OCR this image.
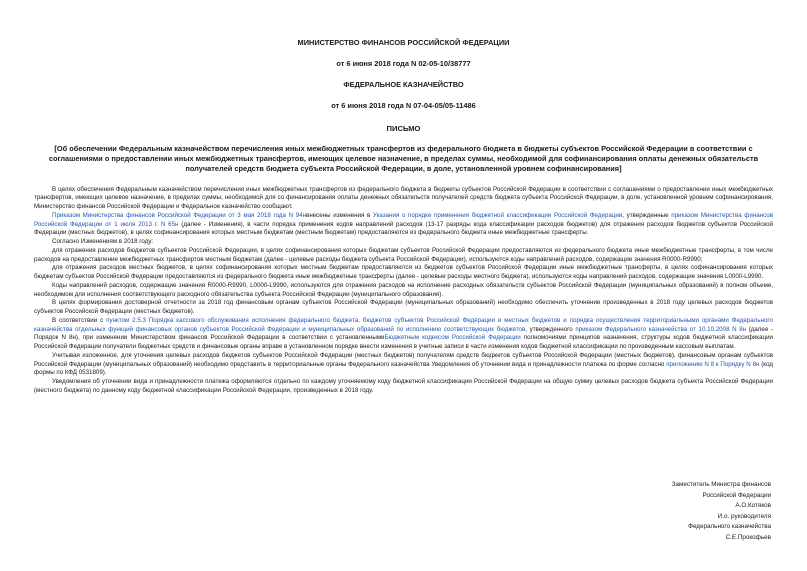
МИНИСТЕРСТВО ФИНАНСОВ РОССИЙСКОЙ ФЕДЕРАЦИИ
от 6 июня 2018 года N 02-05-10/38777
ФЕДЕРАЛЬНОЕ КАЗНАЧЕЙСТВО
от 6 июня 2018 года N 07-04-05/05-11486
ПИСЬМО
[Об обеспечении Федеральным казначейством перечисления иных межбюджетных трансфертов из федерального бюджета в бюджеты субъектов Российской Федерации в соответствии с соглашениями о предоставлении иных межбюджетных трансфертов, имеющих целевое назначение, в пределах суммы, необходимой для софинансирования оплаты денежных обязательств получателей средств бюджета субъекта Российской Федерации, в доле, установленной уровнем софинансирования]

В целях обеспечения Федеральным казначейством перечисления иных межбюджетных трансфертов из федерального бюджета в бюджеты субъектов Российской Федерации в соответствии с соглашениями о предоставлении иных межбюджетных трансфертов, имеющих целевое назначение, в пределах суммы, необходимой для со финансирования оплаты денежных обязательств получателей средств бюджета субъекта Российской Федерации, в доле, установленной уровнем софинансирования, Министерство финансов Российской Федерации и Федеральное казначейство сообщают.

Приказом Министерства финансов Российской Федерации от 3 мая 2018 года N 94нвнесены изменения в Указания о порядке применения бюджетной классификации Российской Федерации, утвержденные приказом Министерства финансов Российской Федерации от 1 июля 2013 г. N 65н (далее - Изменения), в части порядка применения кодов направлений расходов (13-17 разряды кода классификации расходов бюджетов) для отражения расходов бюджетов субъектов Российской Федерации (местных бюджетов), в целях софинансирования которых местным бюджетам (местным бюджетам) предоставляются из федерального бюджета иные межбюджетные трансферты.

Согласно Изменениям в 2018 году:

для отражения расходов бюджетов субъектов Российской Федерации, в целях софинансирования которых бюджетам субъектов Российской Федерации предоставляются из федерального бюджета иные межбюджетные трансферты, в том числе расходов на предоставление межбюджетных трансфертов местным бюджетам (далее - целевые расходы бюджета субъекта Российской Федерации), используются коды направлений расходов, содержащие значения R0000-R9990;

для отражения расходов местных бюджетов, в целях софинансирования которых местным бюджетам предоставляются из бюджетов субъектов Российской Федерации иные межбюджетные трансферты, в целях софинансирования которых бюджетам субъектов Российской Федерации предоставляются из федерального бюджета иные межбюджетные трансферты (далее - целевые расходы местного бюджета), используются коды направлений расходов, содержащие значения L0000-L9990.

Коды направлений расходов, содержащие значения R0000-R9990, L0000-L9990, используются для отражения расходов на исполнение расходных обязательств субъектов Российской Федерации (муниципальных образований) в полном объеме, необходимом для исполнения соответствующего расходного обязательства субъекта Российской Федерации (муниципального образования).

В целях формирования достоверной отчетности за 2018 год финансовым органам субъектов Российской Федерации (муниципальных образований) необходимо обеспечить уточнение произведенных в 2018 году целевых расходов бюджетов субъектов Российской Федерации (местных бюджетов).

В соответствии с пунктом 2.5.3 Порядка кассового обслуживания исполнения федерального бюджета, бюджетов субъектов Российской Федерации и местных бюджетов и порядка осуществления территориальными органами Федерального казначейства отдельных функций финансовых органов субъектов Российской Федерации и муниципальных образований по исполнению соответствующих бюджетов, утвержденного приказом Федерального казначейства от 10.10.2008 N 8н (далее - Порядок N 8н), при изменении Министерством финансов Российской Федерации в соответствии с установленнымиБюджетным кодексом Российской Федерации полномочиями принципов назначения, структуры кодов бюджетной классификации Российской Федерации получатели бюджетных средств и финансовые органы вправе в установленном порядке внести изменения в учетные записи в части изменения кодов бюджетной классификации по произведенным кассовым выплатам.

Учитывая изложенное, для уточнения целевых расходов бюджетов субъектов Российской Федерации (местных бюджетов) получателям средств бюджетов субъектов Российской Федерации (местных бюджетов), финансовым органам субъектов Российской Федерации (муниципальных образований) необходимо представить в территориальные органы Федерального казначейства Уведомления об уточнении вида и принадлежности платежа по форме согласно приложению N 8 к Порядку N 8н (код формы по КФД 0531809).

Уведомления об уточнении вида и принадлежности платежа оформляются отдельно по каждому уточняемому коду бюджетной классификации Российской Федерации на общую сумму целевых расходов бюджета субъекта Российской Федерации (местного бюджета) по данному коду бюджетной классификации Российской Федерации, произведенных в 2018 году.

Заместитель Министра финансов
Российской Федерации
А.О.Котяков
И.о. руководителя
Федерального казначейства
С.Е.Прокофьев
